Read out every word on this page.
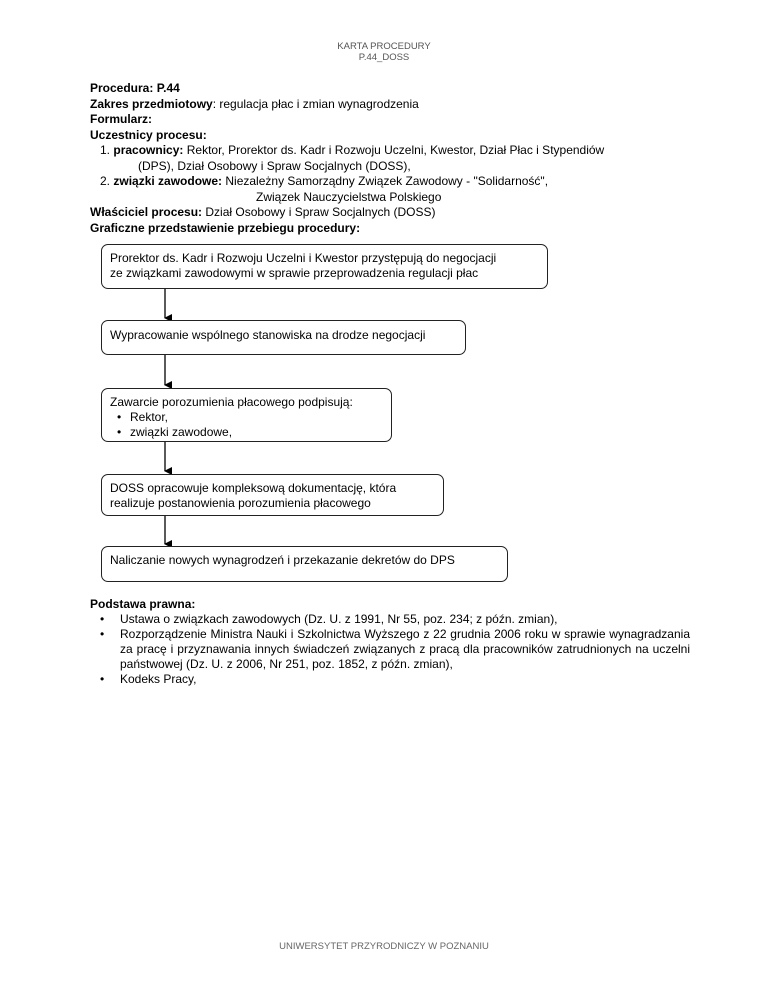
KARTA PROCEDURY
P.44_DOSS
Procedura: P.44
Zakres przedmiotowy: regulacja płac i zmian wynagrodzenia
Formularz:
Uczestnicy procesu:
1. pracownicy: Rektor, Prorektor ds. Kadr i Rozwoju Uczelni, Kwestor, Dział Płac i Stypendiów
(DPS), Dział Osobowy i Spraw Socjalnych (DOSS),
2. związki zawodowe: Niezależny Samorządny Związek Zawodowy - "Solidarność",
Związek Nauczycielstwa Polskiego
Właściciel procesu: Dział Osobowy i Spraw Socjalnych (DOSS)
Graficzne przedstawienie przebiegu procedury:
Prorektor ds. Kadr i Rozwoju Uczelni i Kwestor przystępują do negocjacji
ze związkami zawodowymi w sprawie przeprowadzenia regulacji płac
Wypracowanie wspólnego stanowiska na drodze negocjacji
Zawarcie porozumienia płacowego podpisują:
• Rektor,
• związki zawodowe,
DOSS opracowuje kompleksową dokumentację, która
realizuje postanowienia porozumienia płacowego
Naliczanie nowych wynagrodzeń i przekazanie dekretów do DPS
Podstawa prawna:
• Ustawa o związkach zawodowych (Dz. U. z 1991, Nr 55, poz. 234; z późn. zmian),
• Rozporządzenie Ministra Nauki i Szkolnictwa Wyższego z 22 grudnia 2006 roku w sprawie wynagradzania za pracę i przyznawania innych świadczeń związanych z pracą dla pracowników zatrudnionych na uczelni państwowej (Dz. U. z 2006, Nr 251, poz. 1852, z późn. zmian),
• Kodeks Pracy,
UNIWERSYTET PRZYRODNICZY W POZNANIU
